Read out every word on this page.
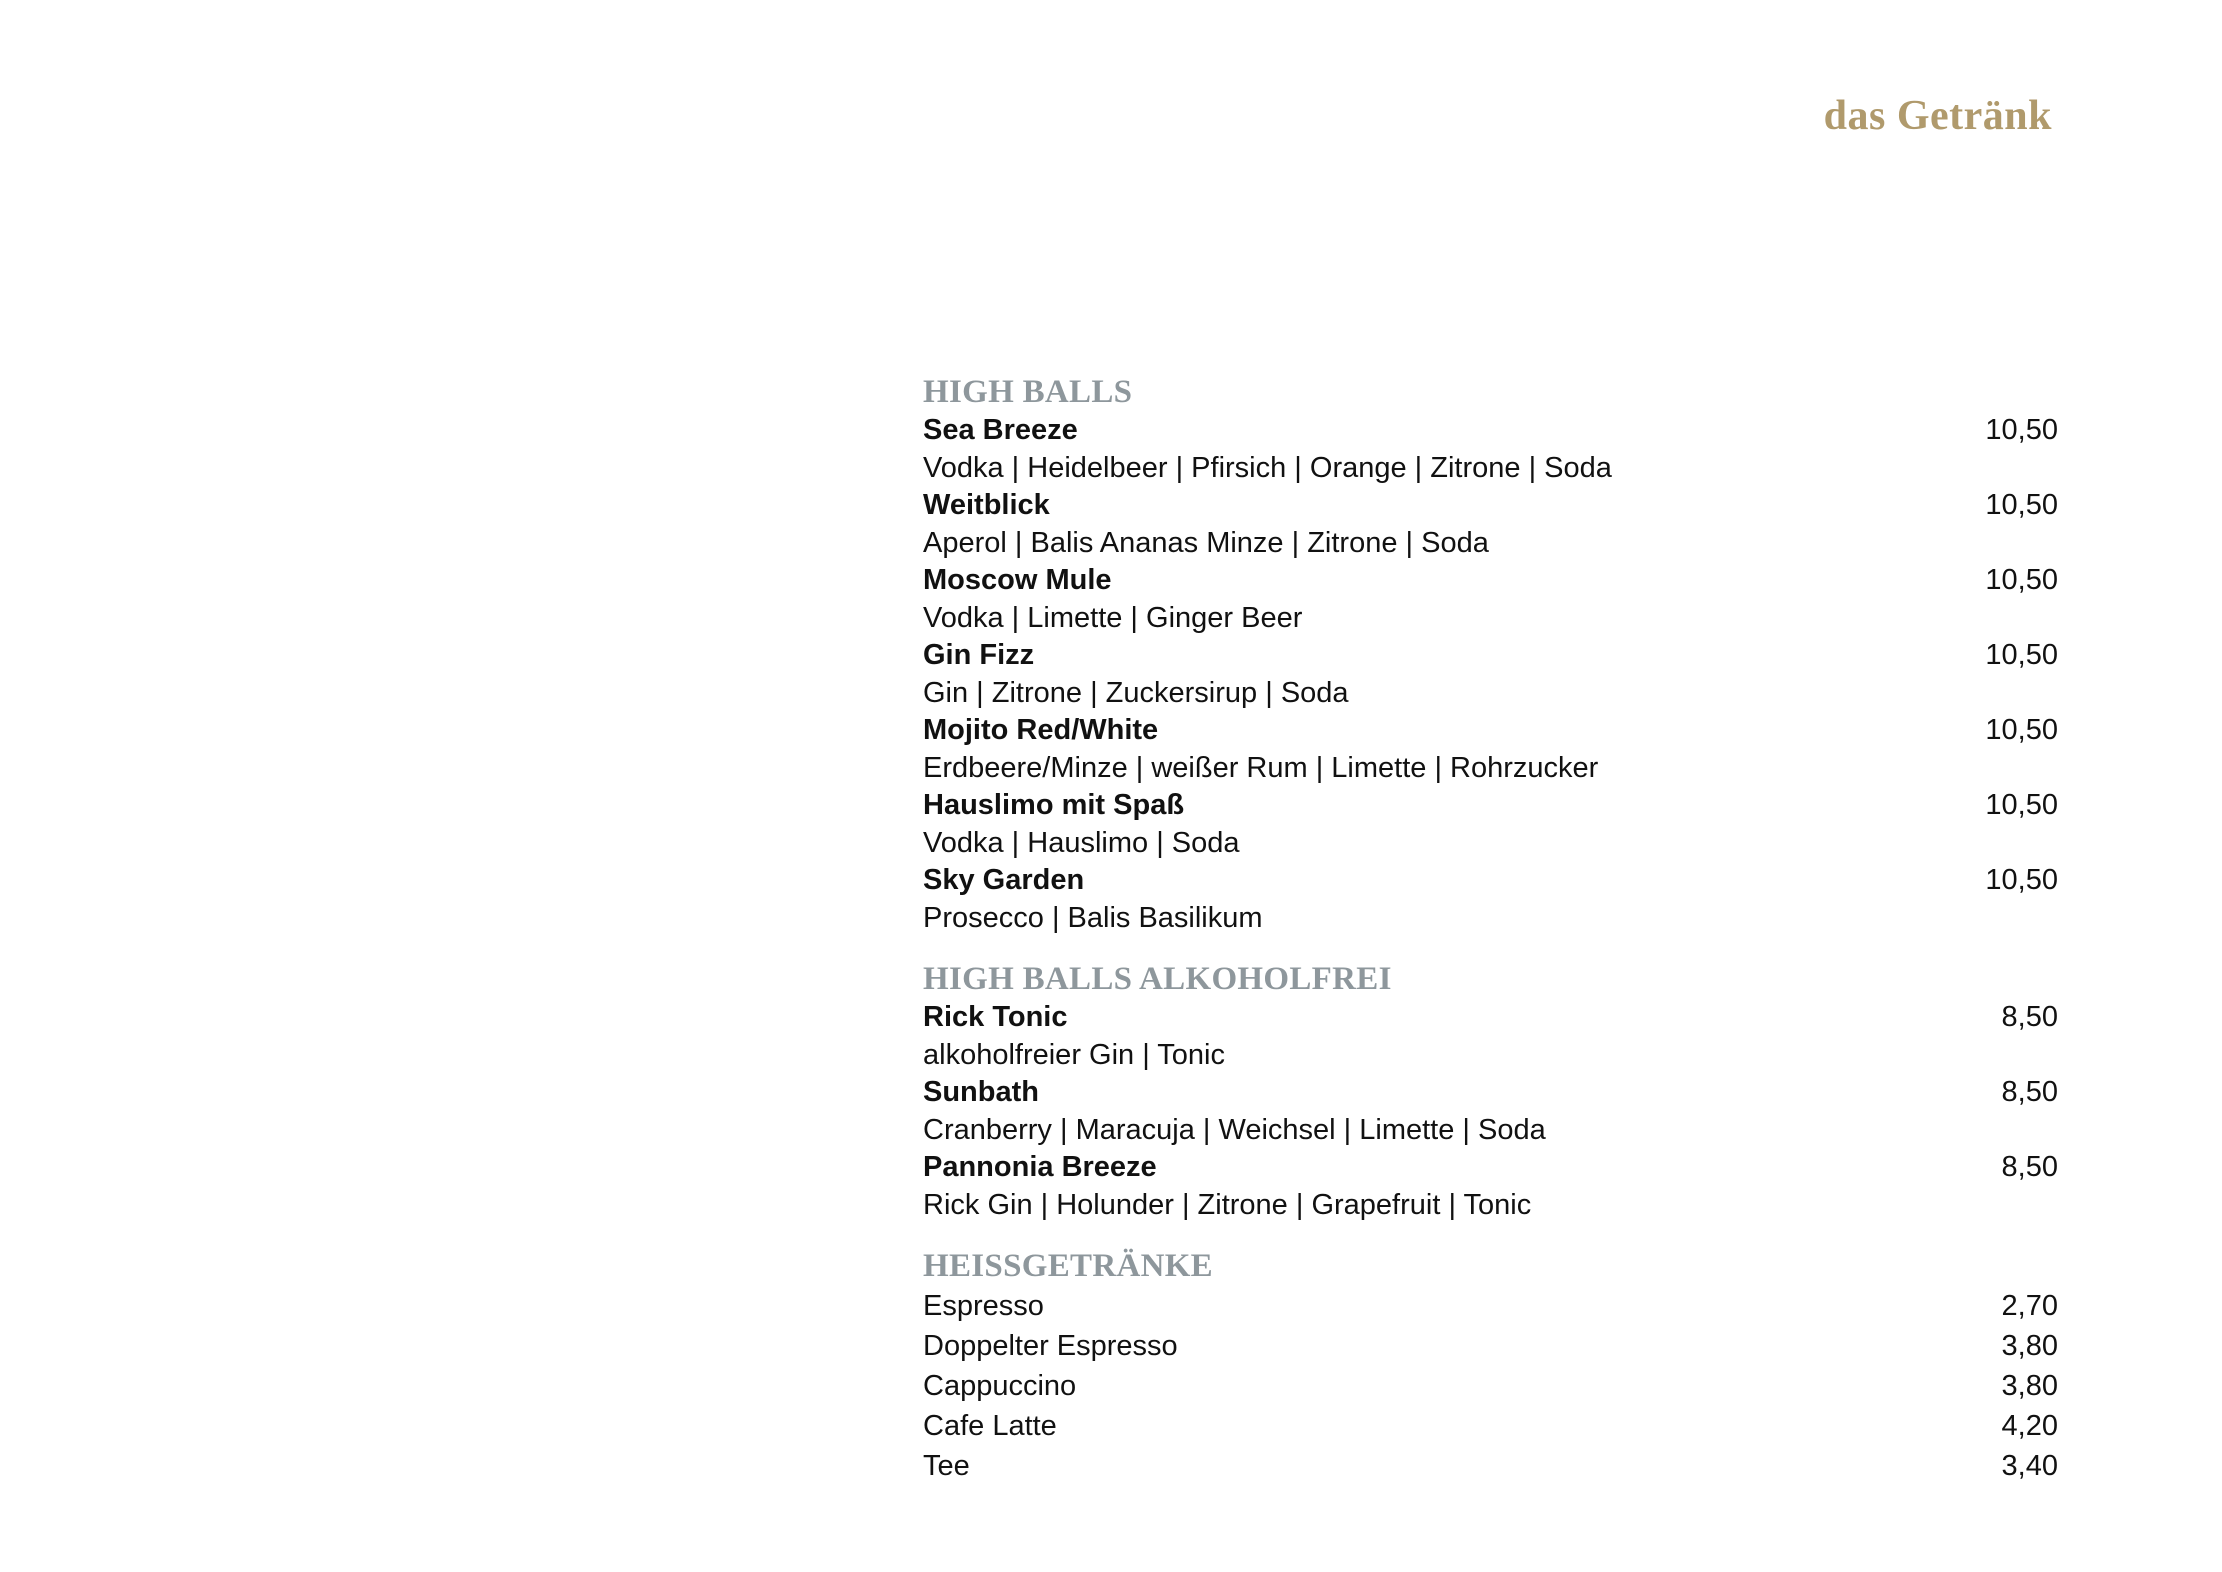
das Getränk
HIGH BALLS
Sea Breeze	10,50
Vodka | Heidelbeer | Pfirsich | Orange | Zitrone | Soda
Weitblick	10,50
Aperol | Balis Ananas Minze | Zitrone | Soda
Moscow Mule	10,50
Vodka | Limette | Ginger Beer
Gin Fizz	10,50
Gin | Zitrone | Zuckersirup | Soda
Mojito Red/White	10,50
Erdbeere/Minze | weißer Rum | Limette | Rohrzucker
Hauslimo mit Spaß	10,50
Vodka | Hauslimo | Soda
Sky Garden	10,50
Prosecco | Balis Basilikum
HIGH BALLS ALKOHOLFREI
Rick Tonic	8,50
alkoholfreier Gin | Tonic
Sunbath	8,50
Cranberry | Maracuja | Weichsel | Limette | Soda
Pannonia Breeze	8,50
Rick Gin | Holunder | Zitrone | Grapefruit | Tonic
HEISSGETRÄNKE
Espresso	2,70
Doppelter Espresso	3,80
Cappuccino	3,80
Cafe Latte	4,20
Tee	3,40
